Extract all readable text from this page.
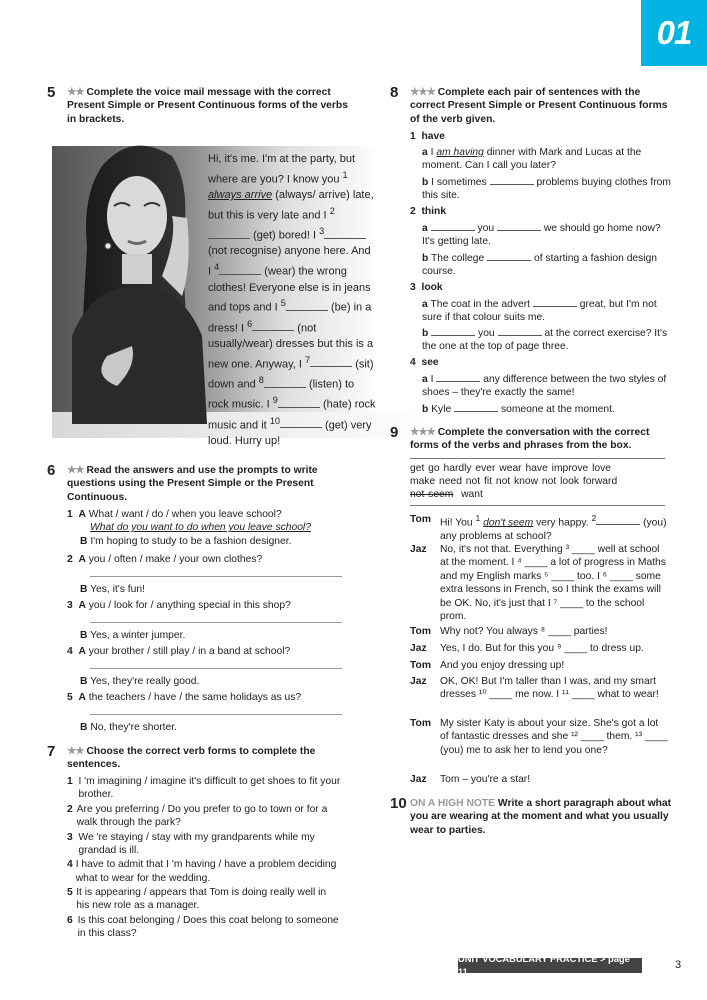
01
5 ★★ Complete the voice mail message with the correct Present Simple or Present Continuous forms of the verbs in brackets.
Hi, it's me. I'm at the party, but where are you? I know you $^1$ always arrive (always/ arrive) late, but this is very late and I $^2$ (get) bored! I $^3$ (not recognise) anyone here. And I $^4$	(wear) the wrong clothes! Everyone else is in jeans and tops and I $^5$	(be) in a dress! I $^6$	(not usually/wear) dresses but this is a new one. Anyway, I $^7$	(sit) down and $^8$	(listen) to rock music. I $^9$	(hate) rock music and it $^{10}$	(get) very loud. Hurry up!
6 ★★ Read the answers and use the prompts to write questions using the Present Simple or the Present Continuous.
1 A What / want / do / when you leave school?
What do you want to do when you leave school?
B I'm hoping to study to be a fashion designer.
2 A you / often / make / your own clothes?
B Yes, it's fun!
3 A you / look for / anything special in this shop?
B Yes, a winter jumper.
4 A your brother / still play / in a band at school?
B Yes, they're really good.
5 A the teachers / have / the same holidays as us?
B No, they're shorter.
7 ★★ Choose the correct verb forms to complete the sentences.
1 I 'm imagining / imagine it's difficult to get shoes to fit your brother.
2 Are you preferring / Do you prefer to go to town or for a walk through the park?
3 We 're staying / stay with my grandparents while my grandad is ill.
4 I have to admit that I 'm having / have a problem deciding what to wear for the wedding.
5 It is appearing / appears that Tom is doing really well in his new role as a manager.
6 Is this coat belonging / Does this coat belong to someone in this class?
8 ★★★ Complete each pair of sentences with the correct Present Simple or Present Continuous forms of the verb given.
1 have
a I am having dinner with Mark and Lucas at the moment. Can I call you later?
b I sometimes	problems buying clothes from this site.
2 think
a	you	we should go home now? It's getting late.
b The college	of starting a fashion design course.
3 look
a The coat in the advert	great, but I'm not sure if that colour suits me.
b	you	at the correct exercise? It's the one at the top of page three.
4 see
a I	any difference between the two styles of shoes – they're exactly the same!
b Kyle	someone at the moment.
9 ★★★ Complete the conversation with the correct forms of the verbs and phrases from the box.
get go hardly ever wear have improve love
make need not fit not know not look forward
not seem want
Tom Hi! You $^1$ don't seem very happy. $^2$	(you) any problems at school?
Jaz	No, it's not that. Everything ³ ____ well at school at the moment. I ⁴ ____ a lot of progress in Maths and my English marks ⁵ ____ too. I ⁶ ____ some extra lessons in French, so I think the exams will be OK. No, it's just that I ⁷ ____ to the school prom.
Tom Why not? You always ⁸ ____ parties!
Jaz	Yes, I do. But for this you ⁹ ____ to dress up.
Tom And you enjoy dressing up!
Jaz	OK, OK! But I'm taller than I was, and my smart dresses ¹⁰ ____ me now. I ¹¹ ____ what to wear!
Tom My sister Katy is about your size. She's got a lot of fantastic dresses and she ¹² ____ them. ¹³ ____ (you) me to ask her to lend you one?
Jaz	Tom – you're a star!
10 ON A HIGH NOTE Write a short paragraph about what you are wearing at the moment and what you usually wear to parties.
UNIT VOCABULARY PRACTICE > page 11
3
